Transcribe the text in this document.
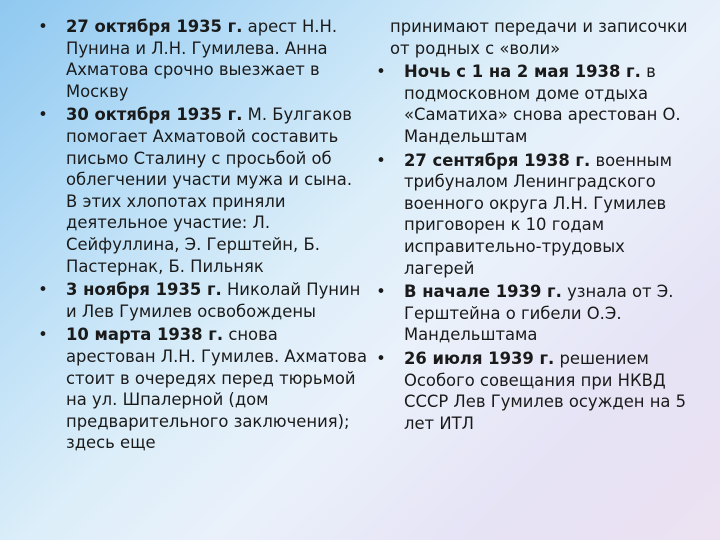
• 27 октября 1935 г. арест Н.Н. Пунина и Л.Н. Гумилева. Анна Ахматова срочно выезжает в Москву
• 30 октября 1935 г. М. Булгаков помогает Ахматовой составить письмо Сталину с просьбой об облегчении участи мужа и сына. В этих хлопотах приняли деятельное участие: Л. Сейфуллина, Э. Герштейн, Б. Пастернак, Б. Пильняк
• 3 ноября 1935 г. Николай Пунин и Лев Гумилев освобождены
• 10 марта 1938 г. снова арестован Л.Н. Гумилев. Ахматова стоит в очередях перед тюрьмой на ул. Шпалерной (дом предварительного заключения); здесь еще
принимают передачи и записочки от родных с «воли»
• Ночь с 1 на 2 мая 1938 г. в подмосковном доме отдыха «Саматиха» снова арестован О. Мандельштам
• 27 сентября 1938 г. военным трибуналом Ленинградского военного округа Л.Н. Гумилев приговорен к 10 годам исправительно-трудовых лагерей
• В начале 1939 г. узнала от Э. Герштейна о гибели О.Э. Мандельштама
• 26 июля 1939 г. решением Особого совещания при НКВД СССР Лев Гумилев осужден на 5 лет ИТЛ
